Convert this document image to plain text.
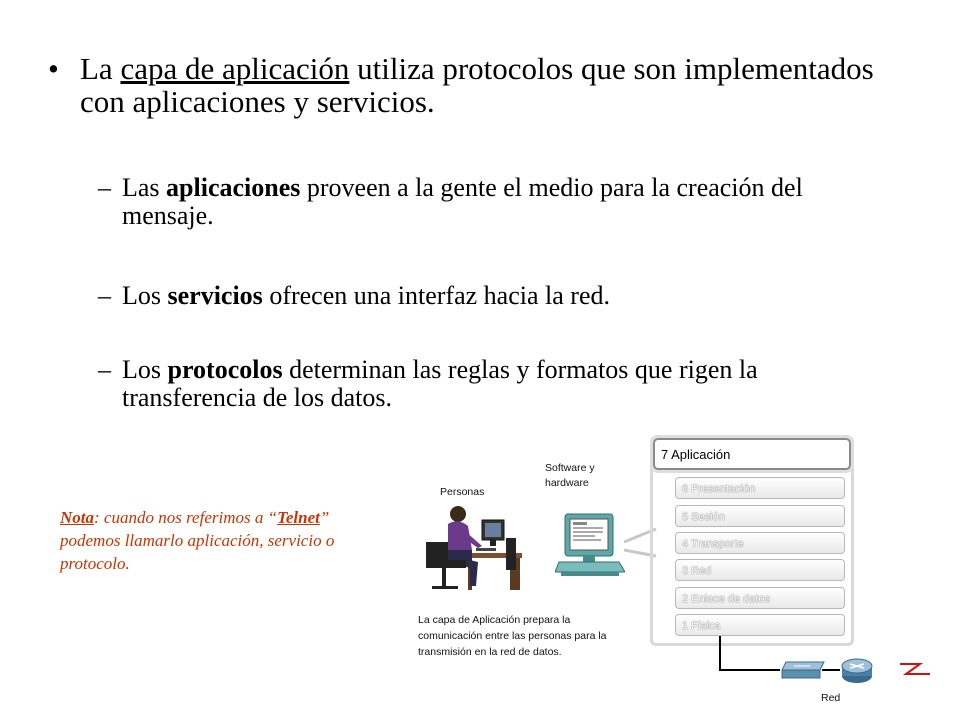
• La capa de aplicación utiliza protocolos que son implementados con aplicaciones y servicios.
– Las aplicaciones proveen a la gente el medio para la creación del mensaje.
– Los servicios ofrecen una interfaz hacia la red.
– Los protocolos determinan las reglas y formatos que rigen la transferencia de los datos.
Nota: cuando nos referimos a “Telnet” podemos llamarlo aplicación, servicio o protocolo.
Personas
Software y
hardware
7 Aplicación
6 Presentación
5 Sesión
4 Transporte
3 Red
2 Enlace de datos
1 Física
La capa de Aplicación prepara la
comunicación entre las personas para la
transmisión en la red de datos.
Red
